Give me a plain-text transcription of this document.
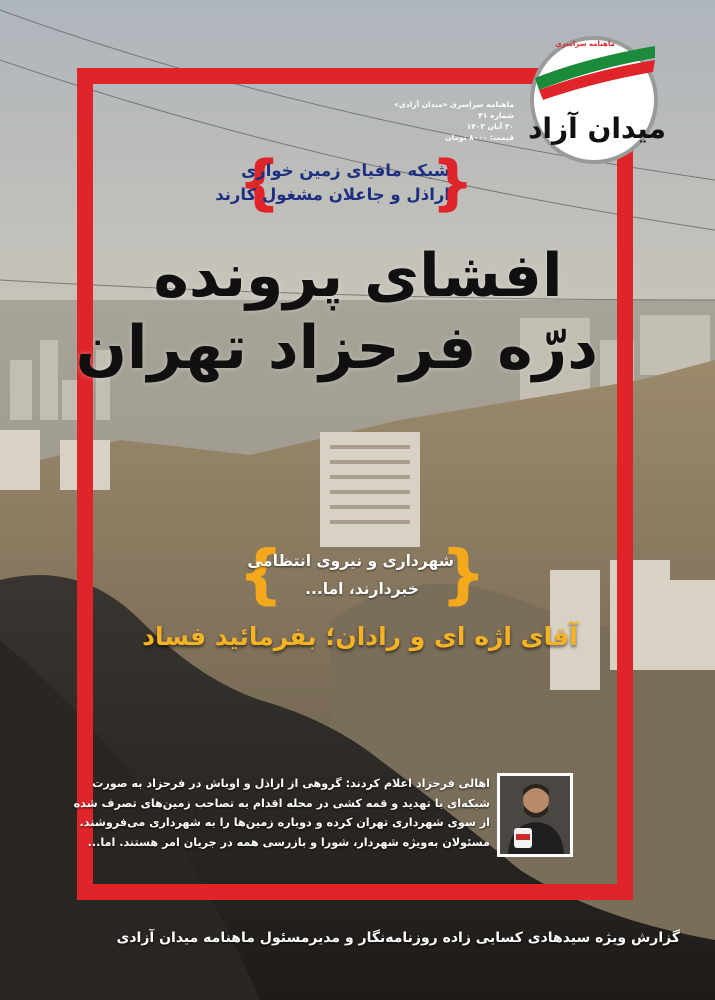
ماهنامه سراسری
میدان آزاد
ماهنامه سراسری «میدان آزادی»
شماره ۴۱
۳۰ آبان ۱۴۰۳
قیمت: ۸۰۰۰ تومان
{
شبکه مافیای زمین خواری
اراذل و جاعلان مشغول کارند
}
افشای پرونده
درّه فرحزاد تهران
{
شهرداری و نیروی انتظامی
خبردارند، اما... }
آقای اژه ای و رادان؛ بفرمائید فساد
اهالی فرحزاد اعلام کردند: گروهی از اراذل و اوباش در فرحزاد به صورت
شبکه‌ای با تهدید و قمه کشی در محله اقدام به تصاحب زمین‌های تصرف شده
از سوی شهرداری تهران کرده و دوباره زمین‌ها را به شهرداری می‌فروشند.
مسئولان به‌ویژه شهردار، شورا و بازرسی همه در جریان امر هستند. اما...
گزارش ویژه سیدهادی کسایی زاده روزنامه‌نگار و مدیرمسئول ماهنامه میدان آزادی
